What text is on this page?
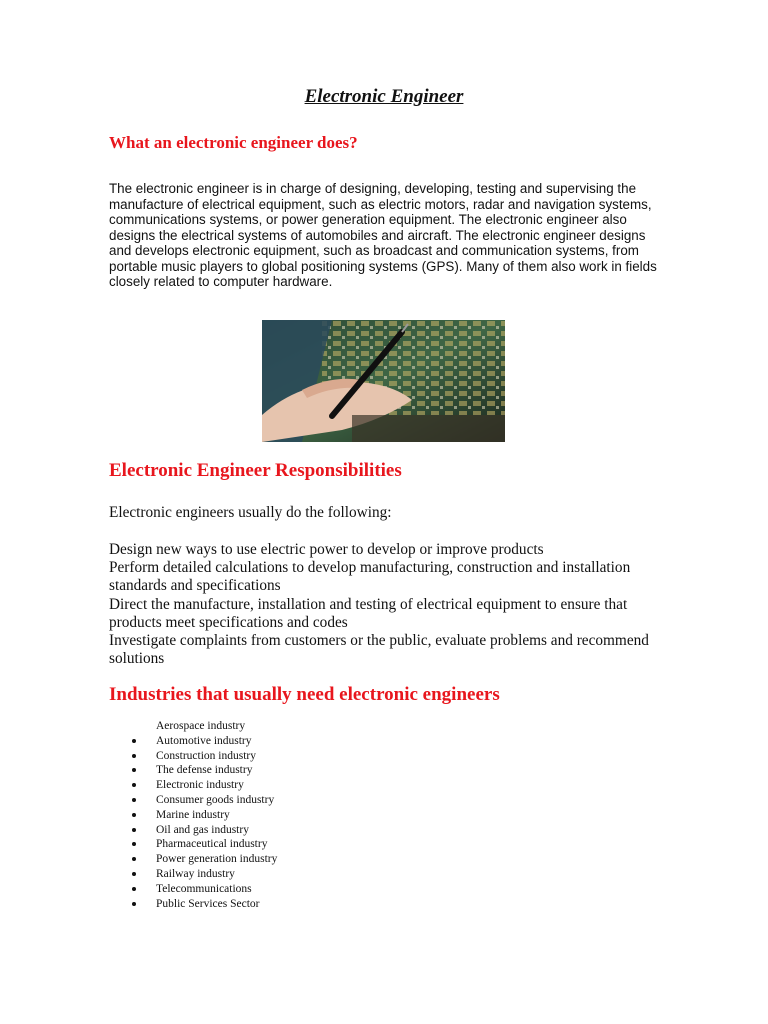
Electronic Engineer
What an electronic engineer does?

The electronic engineer is in charge of designing, developing, testing and supervising the manufacture of electrical equipment, such as electric motors, radar and navigation systems, communications systems, or power generation equipment. The electronic engineer also designs the electrical systems of automobiles and aircraft. The electronic engineer designs and develops electronic equipment, such as broadcast and communication systems, from portable music players to global positioning systems (GPS). Many of them also work in fields closely related to computer hardware.

Electronic Engineer Responsibilities

Electronic engineers usually do the following:

Design new ways to use electric power to develop or improve products
Perform detailed calculations to develop manufacturing, construction and installation standards and specifications
Direct the manufacture, installation and testing of electrical equipment to ensure that products meet specifications and codes
Investigate complaints from customers or the public, evaluate problems and recommend solutions
Industries that usually need electronic engineers
Aerospace industry
Automotive industry
Construction industry
The defense industry
Electronic industry
Consumer goods industry
Marine industry
Oil and gas industry
Pharmaceutical industry
Power generation industry
Railway industry
Telecommunications
Public Services Sector
